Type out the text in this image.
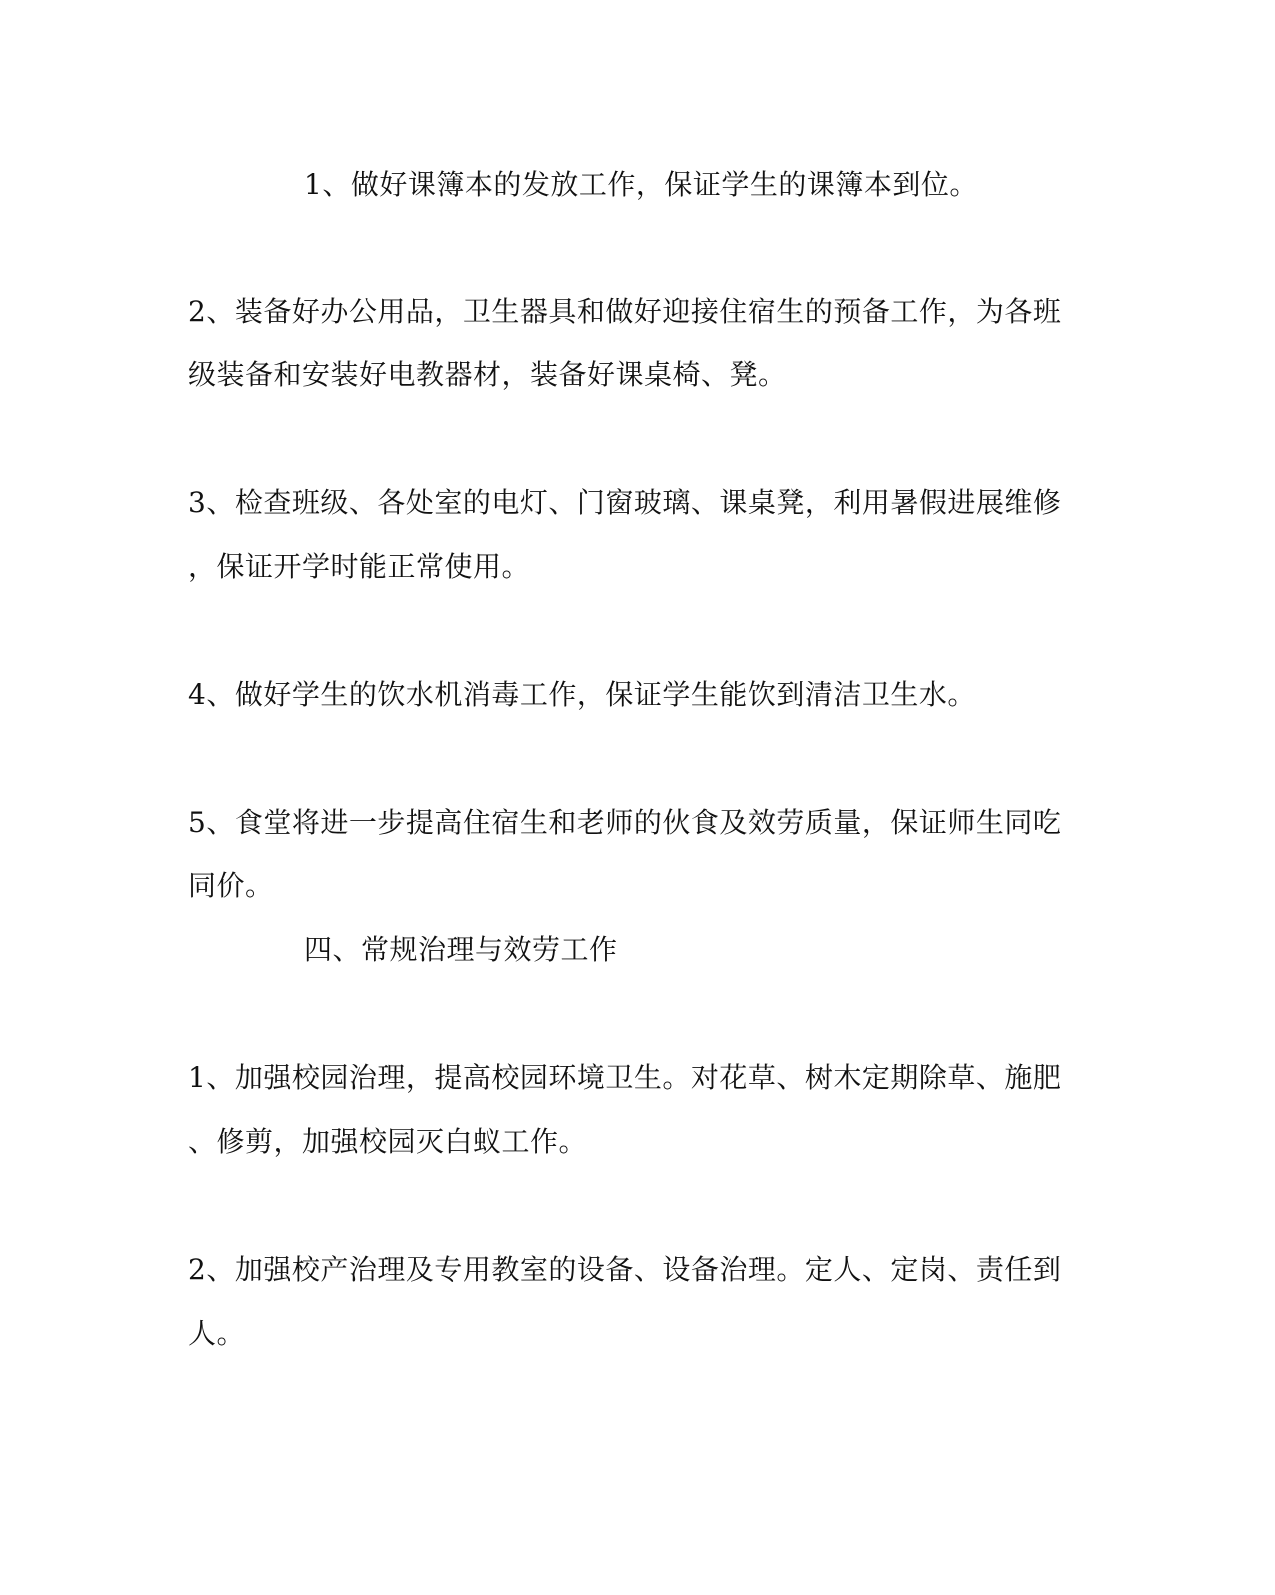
1、做好课簿本的发放工作，保证学生的课簿本到位。
2、装备好办公用品，卫生器具和做好迎接住宿生的预备工作，为各班
级装备和安装好电教器材，装备好课桌椅、凳。
3、检查班级、各处室的电灯、门窗玻璃、课桌凳，利用暑假进展维修
，保证开学时能正常使用。
4、做好学生的饮水机消毒工作，保证学生能饮到清洁卫生水。
5、食堂将进一步提高住宿生和老师的伙食及效劳质量，保证师生同吃
同价。
四、常规治理与效劳工作
1、加强校园治理，提高校园环境卫生。对花草、树木定期除草、施肥
、修剪，加强校园灭白蚁工作。
2、加强校产治理及专用教室的设备、设备治理。定人、定岗、责任到
人。
